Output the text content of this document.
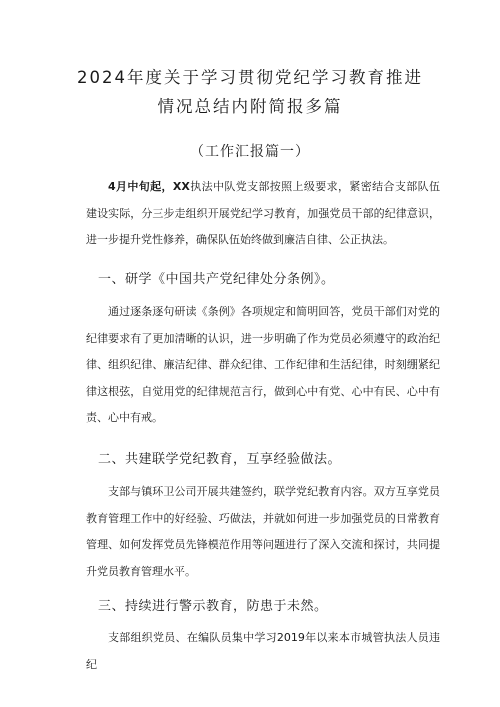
2024年度关于学习贯彻党纪学习教育推进
情况总结内附简报多篇
（工作汇报篇一）

4月中旬起，XX执法中队党支部按照上级要求，紧密结合支部队伍建设实际，分三步走组织开展党纪学习教育，加强党员干部的纪律意识，进一步提升党性修养，确保队伍始终做到廉洁自律、公正执法。

一、研学《中国共产党纪律处分条例》。

通过逐条逐句研读《条例》各项规定和简明回答，党员干部们对党的纪律要求有了更加清晰的认识，进一步明确了作为党员必须遵守的政治纪律、组织纪律、廉洁纪律、群众纪律、工作纪律和生活纪律，时刻绷紧纪律这根弦，自觉用党的纪律规范言行，做到心中有党、心中有民、心中有责、心中有戒。

二、共建联学党纪教育，互享经验做法。

支部与镇环卫公司开展共建签约，联学党纪教育内容。双方互享党员教育管理工作中的好经验、巧做法，并就如何进一步加强党员的日常教育管理、如何发挥党员先锋模范作用等问题进行了深入交流和探讨，共同提升党员教育管理水平。

三、持续进行警示教育，防患于未然。

支部组织党员、在编队员集中学习2019年以来本市城管执法人员违纪
